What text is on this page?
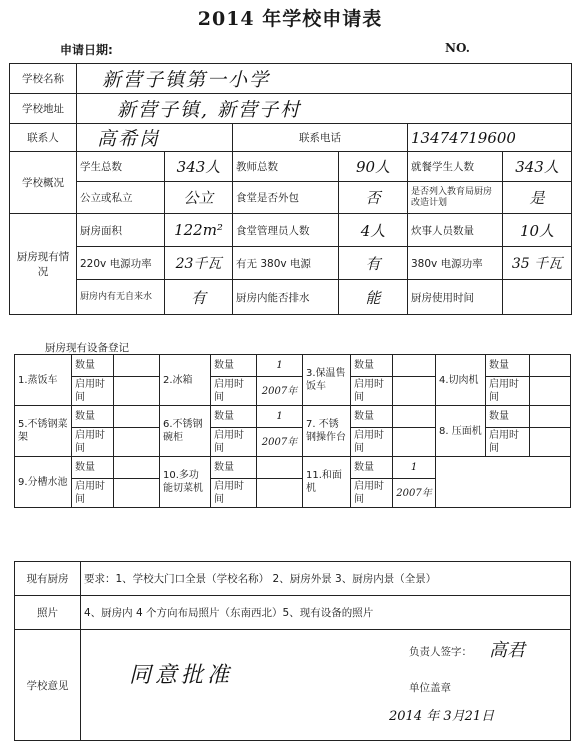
2014 年学校申请表
申请日期:	NO.
学校名称	新营子镇第一小学					
学校地址	新营子镇, 新营子村					
联系人	高希岗		联系电话		13474719600	
学校概况	学生总数	343人	教师总数	90人	就餐学生人数	343人
	公立或私立	公立	食堂是否外包	否	是否列入教育局厨房改造计划	是
厨房现有情况	厨房面积	122m²	食堂管理员人数	4人	炊事人员数量	10人
	220v 电源功率	23千瓦	有无 380v 电源	有	380v 电源功率	35 千瓦
	厨房内有无自来水	有	厨房内能否排水	能	厨房使用时间	
厨房现有设备登记
1.蒸饭车	数量		2.冰箱	数量	1	3.保温售饭车	数量		4.切肉机	数量	
	启用时间			启用时间	2007年		启用时间			启用时间	
5.不锈钢菜架	数量		6.不锈钢碗柜	数量	1	7. 不锈钢操作台	数量		8. 压面机	数量	
	启用时间			启用时间	2007年		启用时间			启用时间	
9.分槽水池	数量		10.多功能切菜机	数量		11.和面机	数量	1			
	启用时间			启用时间			启用时间	2007年			
现有厨房	要求：1、学校大门口全景（学校名称） 2、厨房外景 3、厨房内景（全景）
照片	4、厨房内 4 个方向布局照片（东南西北）5、现有设备的照片
学校意见	同意批准
负责人签字： 高君
单位盖章
2014 年 3月21日
